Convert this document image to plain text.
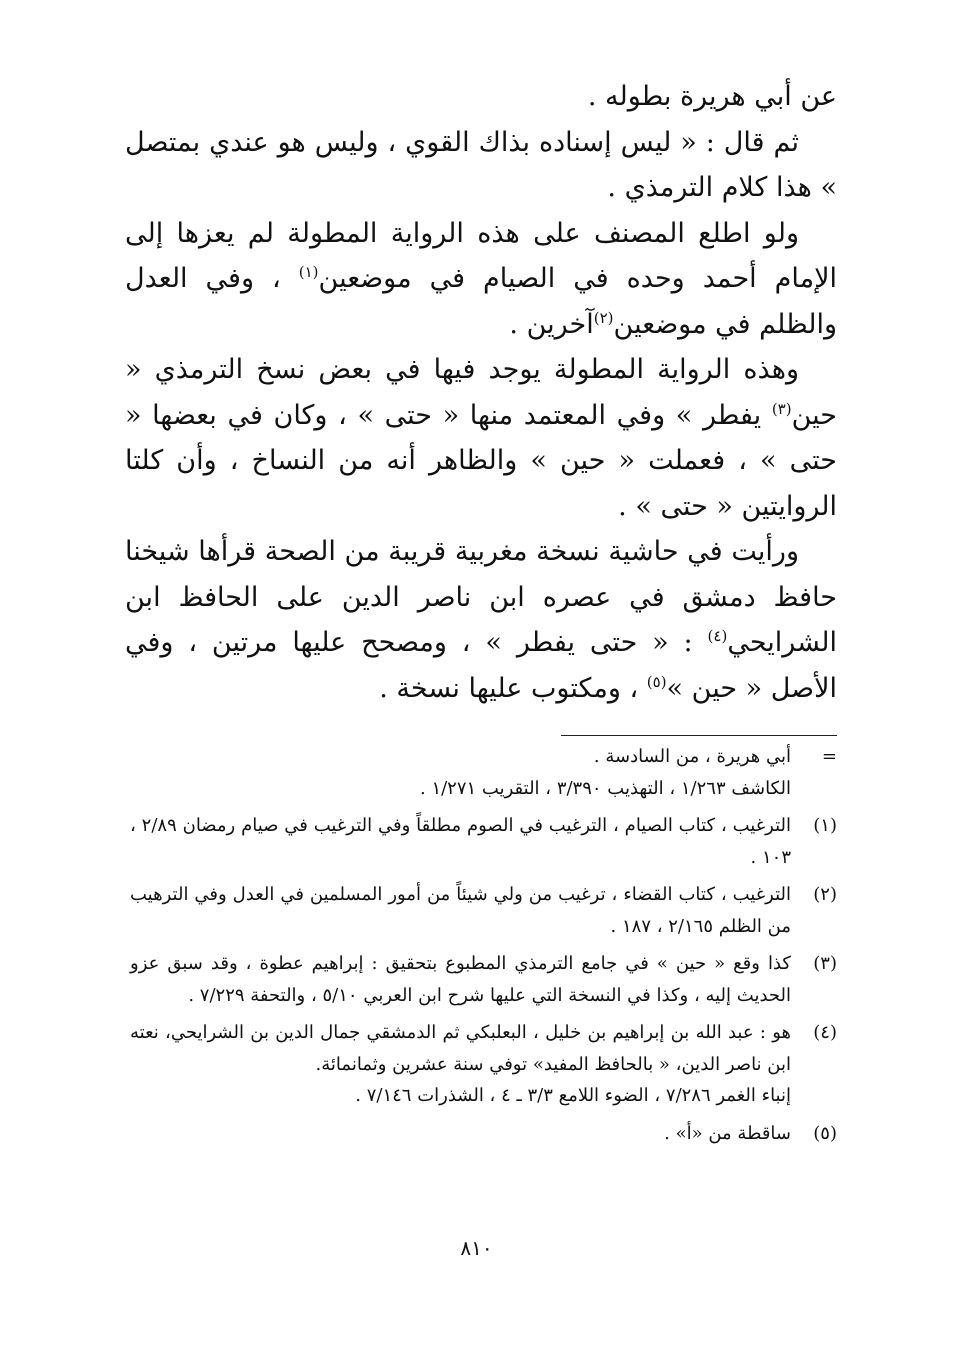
عن أبي هريرة بطوله .

ثم قال : « ليس إسناده بذاك القوي ، وليس هو عندي بمتصل » هذا كلام الترمذي .

ولو اطلع المصنف على هذه الرواية المطولة لم يعزها إلى الإمام أحمد وحده في الصيام في موضعين$^{(١)}$ ، وفي العدل والظلم في موضعين$^{(٢)}$آخرين .

وهذه الرواية المطولة يوجد فيها في بعض نسخ الترمذي « حين$^{(٣)}$ يفطر » وفي المعتمد منها « حتى » ، وكان في بعضها « حتى » ، فعملت « حين » والظاهر أنه من النساخ ، وأن كلتا الروايتين « حتى » .

ورأيت في حاشية نسخة مغربية قريبة من الصحة قرأها شيخنا حافظ دمشق في عصره ابن ناصر الدين على الحافظ ابن الشرايحي$^{(٤)}$ : « حتى يفطر » ، ومصحح عليها مرتين ، وفي الأصل « حين »$^{(٥)}$ ، ومكتوب عليها نسخة .

=
أبي هريرة ، من السادسة .
الكاشف ١/٢٦٣ ، التهذيب ٣/٣٩٠ ، التقريب ١/٢٧١ .
(١)
الترغيب ، كتاب الصيام ، الترغيب في الصوم مطلقاً وفي الترغيب في صيام رمضان ٢/٨٩ ، ١٠٣ .
(٢)
الترغيب ، كتاب القضاء ، ترغيب من ولي شيئاً من أمور المسلمين في العدل وفي الترهيب من الظلم ٢/١٦٥ ، ١٨٧ .
(٣)
كذا وقع « حين » في جامع الترمذي المطبوع بتحقيق : إبراهيم عطوة ، وقد سبق عزو الحديث إليه ، وكذا في النسخة التي عليها شرح ابن العربي ٥/١٠ ، والتحفة ٧/٢٢٩ .
(٤)
هو : عبد الله بن إبراهيم بن خليل ، البعلبكي ثم الدمشقي جمال الدين بن الشرايحي، نعته ابن ناصر الدين، « بالحافظ المفيد» توفي سنة عشرين وثمانمائة.
إنباء الغمر ٧/٢٨٦ ، الضوء اللامع ٣/٣ ـ ٤ ، الشذرات ٧/١٤٦ .
(٥)
ساقطة من «أ» .
٨١٠
